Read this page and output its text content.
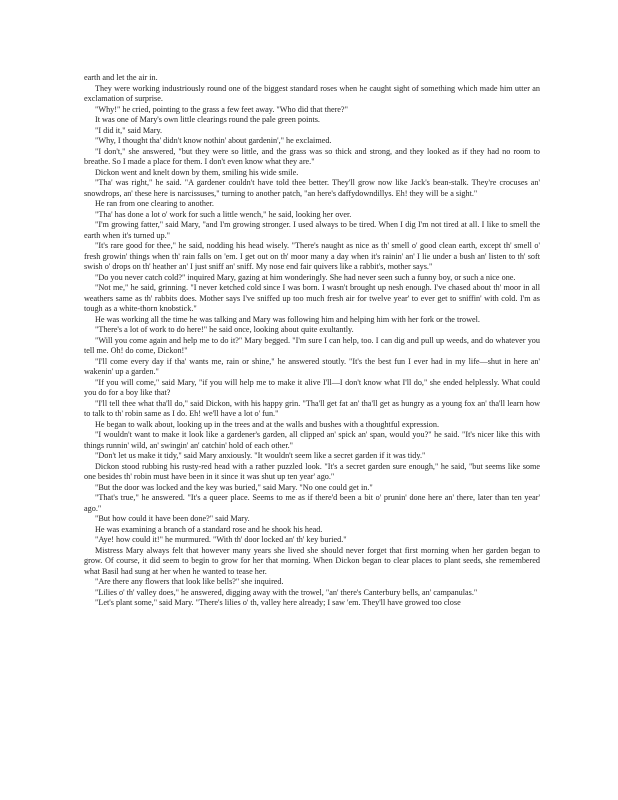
earth and let the air in.

They were working industriously round one of the biggest standard roses when he caught sight of something which made him utter an exclamation of surprise.

"Why!" he cried, pointing to the grass a few feet away. "Who did that there?"

It was one of Mary's own little clearings round the pale green points.

"I did it," said Mary.

"Why, I thought tha' didn't know nothin' about gardenin'," he exclaimed.

"I don't," she answered, "but they were so little, and the grass was so thick and strong, and they looked as if they had no room to breathe. So I made a place for them. I don't even know what they are."

Dickon went and knelt down by them, smiling his wide smile.

"Tha' was right," he said. "A gardener couldn't have told thee better. They'll grow now like Jack's bean-stalk. They're crocuses an' snowdrops, an' these here is narcissuses," turning to another patch, "an here's daffydowndillys. Eh! they will be a sight."

He ran from one clearing to another.

"Tha' has done a lot o' work for such a little wench," he said, looking her over.

"I'm growing fatter," said Mary, "and I'm growing stronger. I used always to be tired. When I dig I'm not tired at all. I like to smell the earth when it's turned up."

"It's rare good for thee," he said, nodding his head wisely. "There's naught as nice as th' smell o' good clean earth, except th' smell o' fresh growin' things when th' rain falls on 'em. I get out on th' moor many a day when it's rainin' an' I lie under a bush an' listen to th' soft swish o' drops on th' heather an' I just sniff an' sniff. My nose end fair quivers like a rabbit's, mother says."

"Do you never catch cold?" inquired Mary, gazing at him wonderingly. She had never seen such a funny boy, or such a nice one.

"Not me," he said, grinning. "I never ketched cold since I was born. I wasn't brought up nesh enough. I've chased about th' moor in all weathers same as th' rabbits does. Mother says I've sniffed up too much fresh air for twelve year' to ever get to sniffin' with cold. I'm as tough as a white-thorn knobstick."

He was working all the time he was talking and Mary was following him and helping him with her fork or the trowel.

"There's a lot of work to do here!" he said once, looking about quite exultantly.

"Will you come again and help me to do it?" Mary begged. "I'm sure I can help, too. I can dig and pull up weeds, and do whatever you tell me. Oh! do come, Dickon!"

"I'll come every day if tha' wants me, rain or shine," he answered stoutly. "It's the best fun I ever had in my life—shut in here an' wakenin' up a garden."

"If you will come," said Mary, "if you will help me to make it alive I'll—I don't know what I'll do," she ended helplessly. What could you do for a boy like that?

"I'll tell thee what tha'll do," said Dickon, with his happy grin. "Tha'll get fat an' tha'll get as hungry as a young fox an' tha'll learn how to talk to th' robin same as I do. Eh! we'll have a lot o' fun."

He began to walk about, looking up in the trees and at the walls and bushes with a thoughtful expression.

"I wouldn't want to make it look like a gardener's garden, all clipped an' spick an' span, would you?" he said. "It's nicer like this with things runnin' wild, an' swingin' an' catchin' hold of each other."

"Don't let us make it tidy," said Mary anxiously. "It wouldn't seem like a secret garden if it was tidy."

Dickon stood rubbing his rusty-red head with a rather puzzled look. "It's a secret garden sure enough," he said, "but seems like some one besides th' robin must have been in it since it was shut up ten year' ago."

"But the door was locked and the key was buried," said Mary. "No one could get in."

"That's true," he answered. "It's a queer place. Seems to me as if there'd been a bit o' prunin' done here an' there, later than ten year' ago."

"But how could it have been done?" said Mary.

He was examining a branch of a standard rose and he shook his head.

"Aye! how could it!" he murmured. "With th' door locked an' th' key buried."

Mistress Mary always felt that however many years she lived she should never forget that first morning when her garden began to grow. Of course, it did seem to begin to grow for her that morning. When Dickon began to clear places to plant seeds, she remembered what Basil had sung at her when he wanted to tease her.

"Are there any flowers that look like bells?" she inquired.

"Lilies o' th' valley does," he answered, digging away with the trowel, "an' there's Canterbury bells, an' campanulas."

"Let's plant some," said Mary. "There's lilies o' th, valley here already; I saw 'em. They'll have growed too close
